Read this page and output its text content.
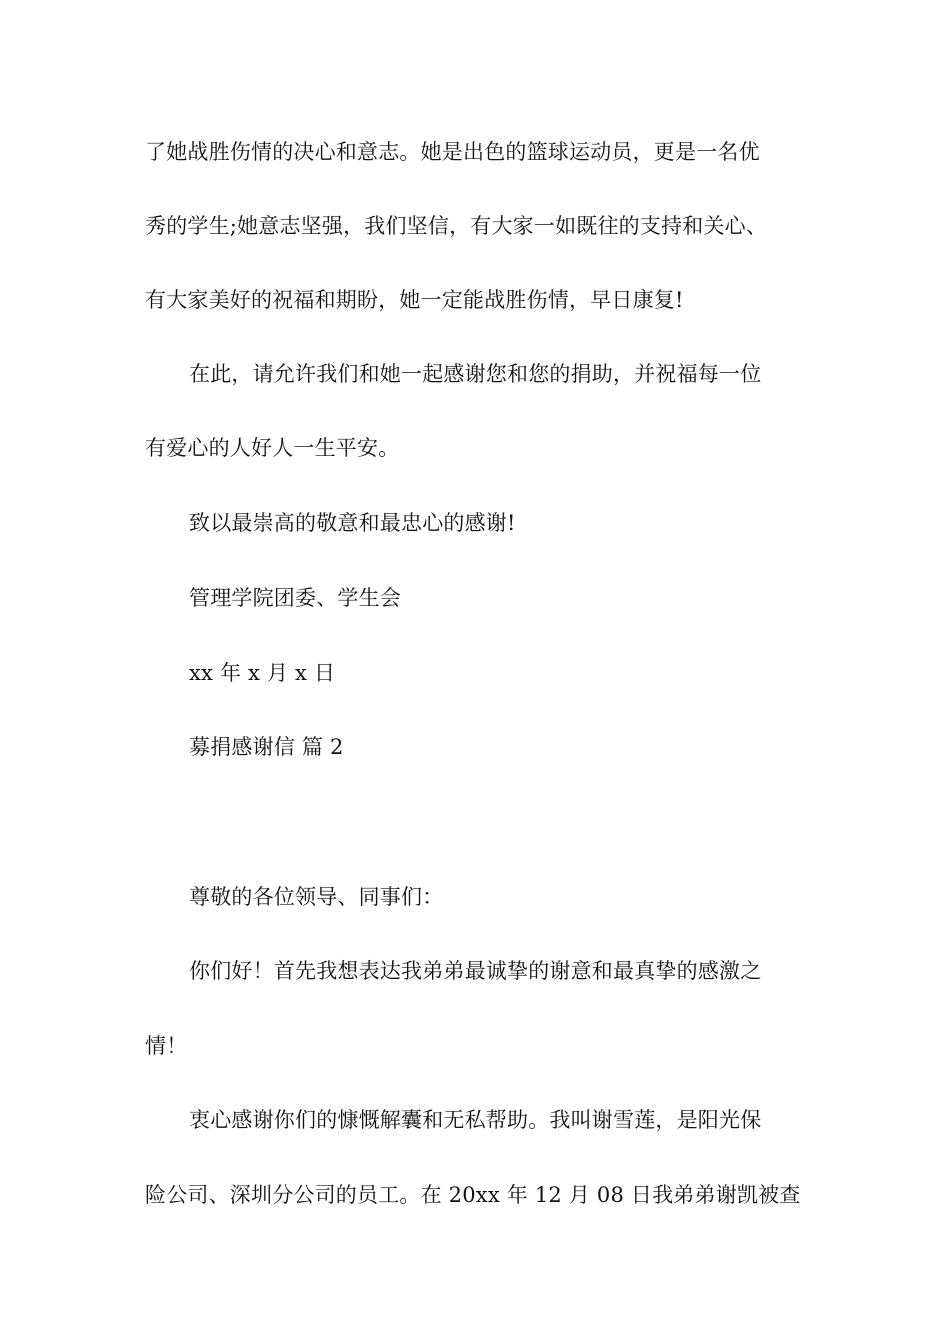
了她战胜伤情的决心和意志。她是出色的篮球运动员，更是一名优
秀的学生;她意志坚强，我们坚信，有大家一如既往的支持和关心、
有大家美好的祝福和期盼，她一定能战胜伤情，早日康复!
在此，请允许我们和她一起感谢您和您的捐助，并祝福每一位
有爱心的人好人一生平安。
致以最崇高的敬意和最忠心的感谢!
管理学院团委、学生会
xx 年 x 月 x 日
募捐感谢信 篇 2
尊敬的各位领导、同事们：
你们好！首先我想表达我弟弟最诚挚的谢意和最真挚的感激之
情！
衷心感谢你们的慷慨解囊和无私帮助。我叫谢雪莲，是阳光保
险公司、深圳分公司的员工。在 20xx 年 12 月 08 日我弟弟谢凯被查
